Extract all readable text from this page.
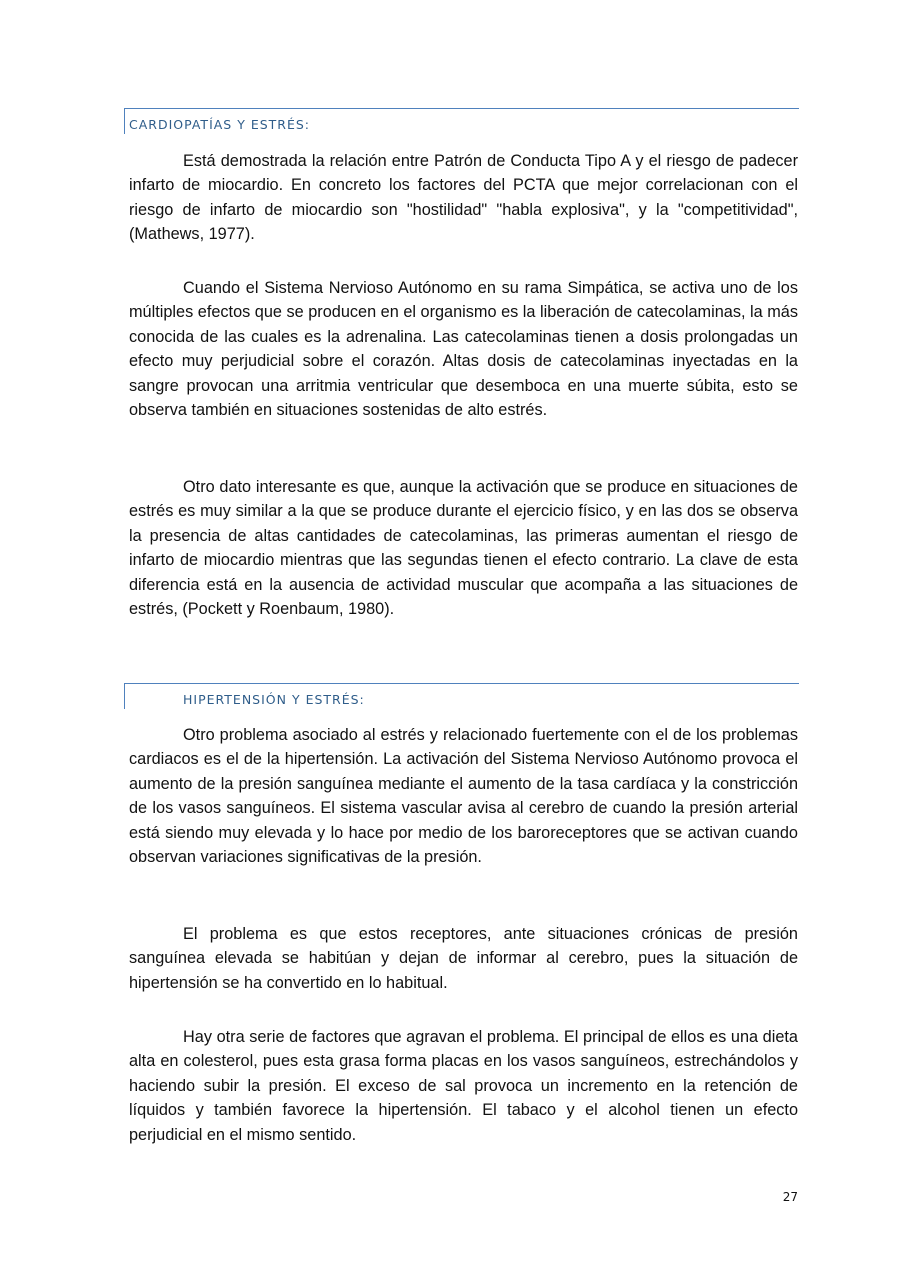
CARDIOPATÍAS Y ESTRÉS:

Está demostrada la relación entre Patrón de Conducta Tipo A y el riesgo de padecer infarto de miocardio. En concreto los factores del PCTA que mejor correlacionan con el riesgo de infarto de miocardio son "hostilidad" "habla explosiva", y la "competitividad", (Mathews, 1977).

Cuando el Sistema Nervioso Autónomo en su rama Simpática, se activa uno de los múltiples efectos que se producen en el organismo es la liberación de catecolaminas, la más conocida de las cuales es la adrenalina. Las catecolaminas tienen a dosis prolongadas un efecto muy perjudicial sobre el corazón. Altas dosis de catecolaminas inyectadas en la sangre provocan una arritmia ventricular que desemboca en una muerte súbita, esto se observa también en situaciones sostenidas de alto estrés.

Otro dato interesante es que, aunque la activación que se produce en situaciones de estrés es muy similar a la que se produce durante el ejercicio físico, y en las dos se observa la presencia de altas cantidades de catecolaminas, las primeras aumentan el riesgo de infarto de miocardio mientras que las segundas tienen el efecto contrario. La clave de esta diferencia está en la ausencia de actividad muscular que acompaña a las situaciones de estrés, (Pockett y Roenbaum, 1980).

HIPERTENSIÓN Y ESTRÉS:

Otro problema asociado al estrés y relacionado fuertemente con el de los problemas cardiacos es el de la hipertensión. La activación del Sistema Nervioso Autónomo provoca el aumento de la presión sanguínea mediante el aumento de la tasa cardíaca y la constricción de los vasos sanguíneos. El sistema vascular avisa al cerebro de cuando la presión arterial está siendo muy elevada y lo hace por medio de los baroreceptores que se activan cuando observan variaciones significativas de la presión.

El problema es que estos receptores, ante situaciones crónicas de presión sanguínea elevada se habitúan y dejan de informar al cerebro, pues la situación de hipertensión se ha convertido en lo habitual.

Hay otra serie de factores que agravan el problema. El principal de ellos es una dieta alta en colesterol, pues esta grasa forma placas en los vasos sanguíneos, estrechándolos y haciendo subir la presión. El exceso de sal provoca un incremento en la retención de líquidos y también favorece la hipertensión. El tabaco y el alcohol tienen un efecto perjudicial en el mismo sentido.

27
